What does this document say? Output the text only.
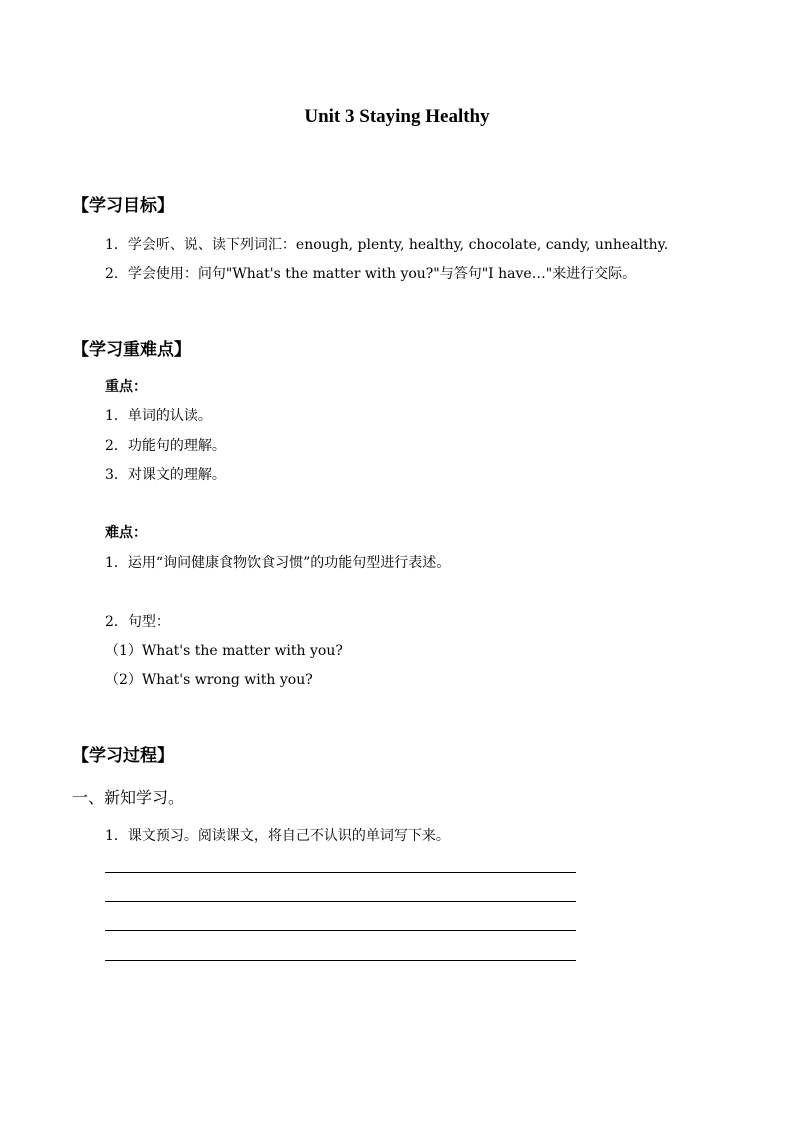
Unit 3 Staying Healthy
【学习目标】
1．学会听、说、读下列词汇：enough, plenty, healthy, chocolate, candy, unhealthy.
2．学会使用：问句"What's the matter with you?"与答句"I have…"来进行交际。
【学习重难点】
重点：
1．单词的认读。
2．功能句的理解。
3．对课文的理解。
难点：
1．运用“询问健康食物饮食习惯”的功能句型进行表述。
2．句型：
（1）What's the matter with you?
（2）What's wrong with you?
【学习过程】
一、新知学习。
1．课文预习。阅读课文，将自己不认识的单词写下来。
